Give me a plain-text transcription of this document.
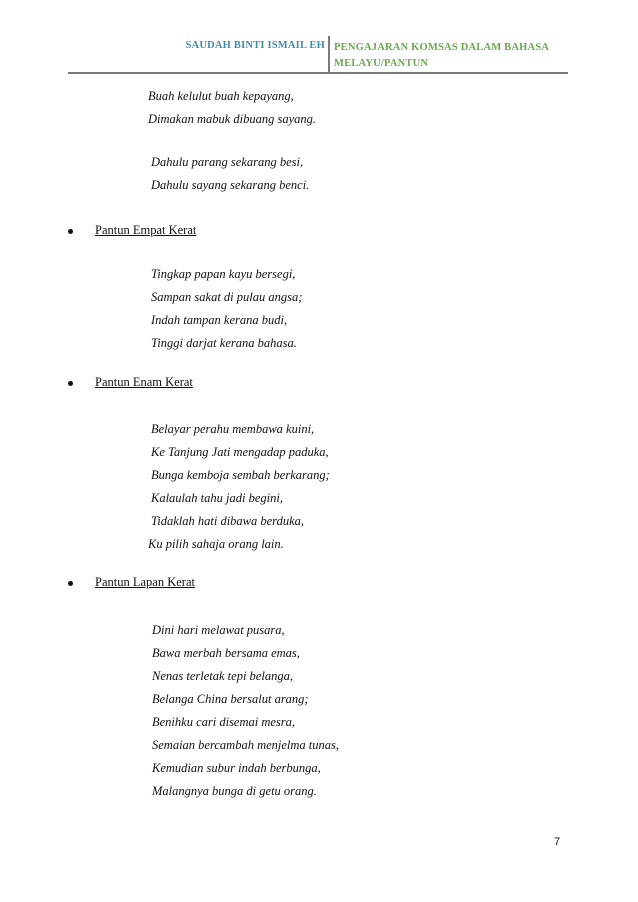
SAUDAH BINTI ISMAIL EH PENGAJARAN KOMSAS DALAM BAHASA
MELAYU/PANTUN
Buah kelulut buah kepayang,
Dimakan mabuk dibuang sayang.
Dahulu parang sekarang besi,
Dahulu sayang sekarang benci.
Pantun Empat Kerat
Tingkap papan kayu bersegi,
Sampan sakat di pulau angsa;
Indah tampan kerana budi,
Tinggi darjat kerana bahasa.
Pantun Enam Kerat
Belayar perahu membawa kuini,
Ke Tanjung Jati mengadap paduka,
Bunga kemboja sembah berkarang;
Kalaulah tahu jadi begini,
Tidaklah hati dibawa berduka,
Ku pilih sahaja orang lain.
Pantun Lapan Kerat
Dini hari melawat pusara,
Bawa merbah bersama emas,
Nenas terletak tepi belanga,
Belanga China bersalut arang;
Benihku cari disemai mesra,
Semaian bercambah menjelma tunas,
Kemudian subur indah berbunga,
Malangnya bunga di getu orang.
7
